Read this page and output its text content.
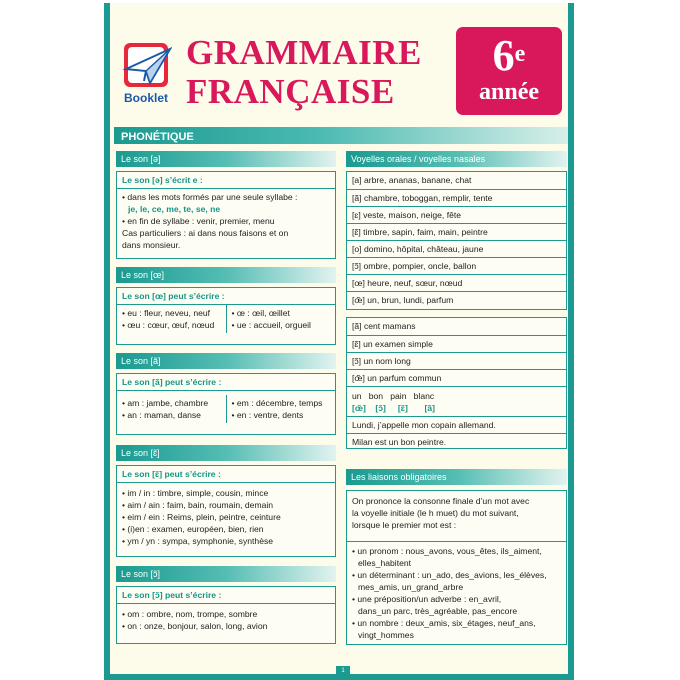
Booklet
GRAMMAIRE
FRANÇAISE
6e
année
PHONÉTIQUE
Le son [ə]
Le son [ə] s’écrit e :
• dans les mots formés par une seule syllabe :
je, le, ce, me, te, se, ne
• en fin de syllabe : venir, premier, menu
Cas particuliers : ai dans nous faisons et on
dans monsieur.
Le son [œ]
Le son [œ] peut s’écrire :
• eu : fleur, neveu, neuf
• œu : cœur, œuf, nœud
• œ : œil, œillet
• ue : accueil, orgueil
Le son [ã]
Le son [ã] peut s’écrire :
• am : jambe, chambre
• an : maman, danse
• em : décembre, temps
• en : ventre, dents
Le son [ɛ̃]
Le son [ɛ̃] peut s’écrire :
• im / in : timbre, simple, cousin, mince
• aim / ain : faim, bain, roumain, demain
• eim / ein : Reims, plein, peintre, ceinture
• (i)en : examen, européen, bien, rien
• ym / yn : sympa, symphonie, synthèse
Le son [ɔ̃]
Le son [ɔ̃] peut s’écrire :
• om : ombre, nom, trompe, sombre
• on : onze, bonjour, salon, long, avion
Voyelles orales / voyelles nasales
[a] arbre, ananas, banane, chat
[ã] chambre, toboggan, remplir, tente
[ɛ] veste, maison, neige, fête
[ɛ̃] timbre, sapin, faim, main, peintre
[o] domino, hôpital, château, jaune
[ɔ̃] ombre, pompier, oncle, ballon
[œ] heure, neuf, sœur, nœud
[œ̃] un, brun, lundi, parfum
[ã] cent mamans
[ɛ̃] un examen simple
[ɔ̃] un nom long
[œ̃] un parfum commun
un   bon   pain   blanc
[œ̃]    [ɔ̃]     [ɛ̃]       [ã]
Lundi, j’appelle mon copain allemand.
Milan est un bon peintre.
Les liaisons obligatoires
On prononce la consonne finale d’un mot avec
la voyelle initiale (le h muet) du mot suivant,
lorsque le premier mot est :
• un pronom : nous_avons, vous_êtes, ils_aiment,
elles_habitent
• un déterminant : un_ado, des_avions, les_élèves,
mes_amis, un_grand_arbre
• une préposition/un adverbe : en_avril,
dans_un parc, très_agréable, pas_encore
• un nombre : deux_amis, six_étages, neuf_ans,
vingt_hommes
1
